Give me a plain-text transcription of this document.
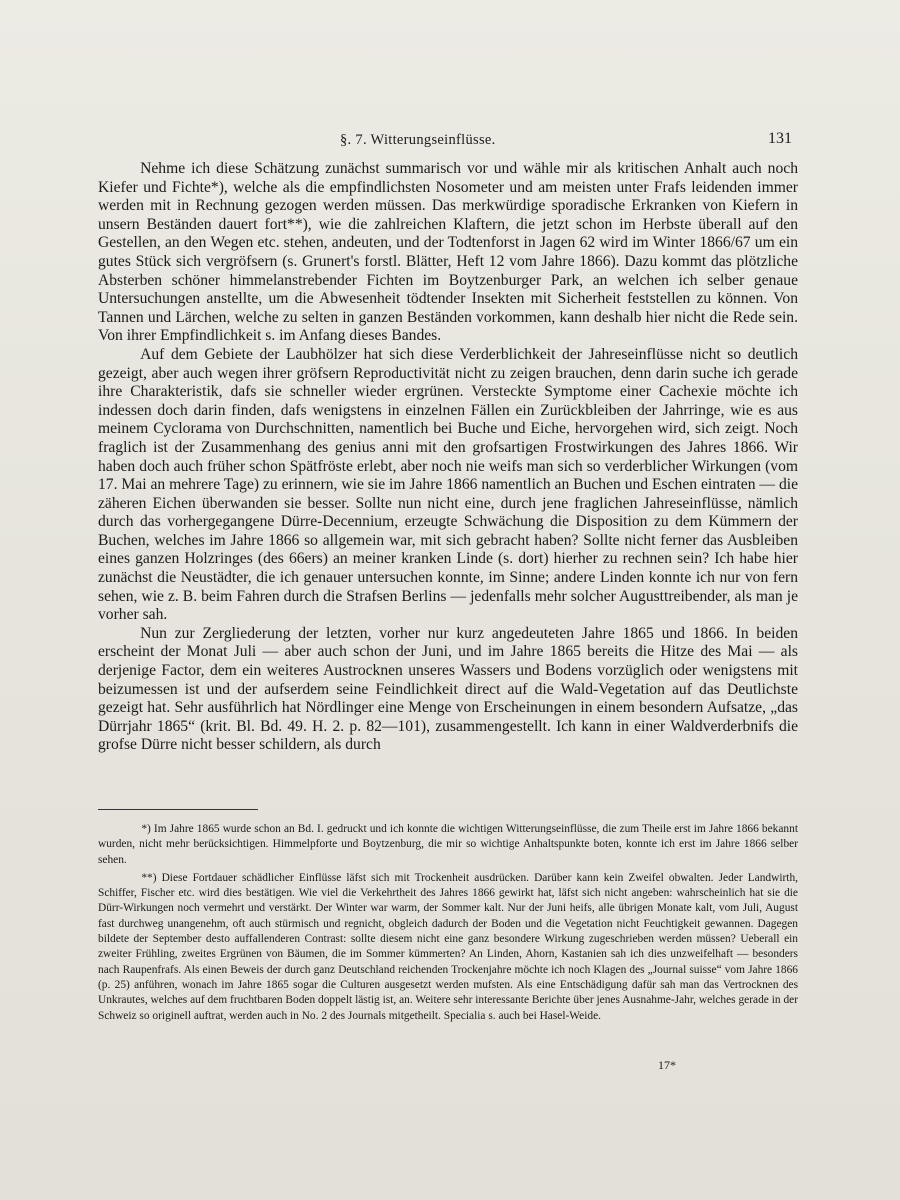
§. 7. Witterungseinflüsse.	131

Nehme ich diese Schätzung zunächst summarisch vor und wähle mir als kritischen Anhalt auch noch Kiefer und Fichte*), welche als die empfindlichsten Nosometer und am meisten unter Frafs leidenden immer werden mit in Rechnung gezogen werden müssen. Das merkwürdige sporadische Erkranken von Kiefern in unsern Beständen dauert fort**), wie die zahlreichen Klaftern, die jetzt schon im Herbste überall auf den Gestellen, an den Wegen etc. stehen, andeuten, und der Todtenforst in Jagen 62 wird im Winter 1866/67 um ein gutes Stück sich vergröfsern (s. Grunert's forstl. Blätter, Heft 12 vom Jahre 1866). Dazu kommt das plötzliche Absterben schöner himmelanstrebender Fichten im Boytzenburger Park, an welchen ich selber genaue Untersuchungen anstellte, um die Abwesenheit tödtender Insekten mit Sicherheit feststellen zu können. Von Tannen und Lärchen, welche zu selten in ganzen Beständen vorkommen, kann deshalb hier nicht die Rede sein. Von ihrer Empfindlichkeit s. im Anfang dieses Bandes.

Auf dem Gebiete der Laubhölzer hat sich diese Verderblichkeit der Jahreseinflüsse nicht so deutlich gezeigt, aber auch wegen ihrer gröfsern Reproductivität nicht zu zeigen brauchen, denn darin suche ich gerade ihre Charakteristik, dafs sie schneller wieder ergrünen. Versteckte Symptome einer Cachexie möchte ich indessen doch darin finden, dafs wenigstens in einzelnen Fällen ein Zurückbleiben der Jahrringe, wie es aus meinem Cyclorama von Durchschnitten, namentlich bei Buche und Eiche, hervorgehen wird, sich zeigt. Noch fraglich ist der Zusammenhang des genius anni mit den grofsartigen Frostwirkungen des Jahres 1866. Wir haben doch auch früher schon Spätfröste erlebt, aber noch nie weifs man sich so verderblicher Wirkungen (vom 17. Mai an mehrere Tage) zu erinnern, wie sie im Jahre 1866 namentlich an Buchen und Eschen eintraten — die zäheren Eichen überwanden sie besser. Sollte nun nicht eine, durch jene fraglichen Jahreseinflüsse, nämlich durch das vorhergegangene Dürre-Decennium, erzeugte Schwächung die Disposition zu dem Kümmern der Buchen, welches im Jahre 1866 so allgemein war, mit sich gebracht haben? Sollte nicht ferner das Ausbleiben eines ganzen Holzringes (des 66ers) an meiner kranken Linde (s. dort) hierher zu rechnen sein? Ich habe hier zunächst die Neustädter, die ich genauer untersuchen konnte, im Sinne; andere Linden konnte ich nur von fern sehen, wie z. B. beim Fahren durch die Strafsen Berlins — jedenfalls mehr solcher Augusttreibender, als man je vorher sah.

Nun zur Zergliederung der letzten, vorher nur kurz angedeuteten Jahre 1865 und 1866. In beiden erscheint der Monat Juli — aber auch schon der Juni, und im Jahre 1865 bereits die Hitze des Mai — als derjenige Factor, dem ein weiteres Austrocknen unseres Wassers und Bodens vorzüglich oder wenigstens mit beizumessen ist und der aufserdem seine Feindlichkeit direct auf die Wald-Vegetation auf das Deutlichste gezeigt hat. Sehr ausführlich hat Nördlinger eine Menge von Erscheinungen in einem besondern Aufsatze, „das Dürrjahr 1865“ (krit. Bl. Bd. 49. H. 2. p. 82—101), zusammengestellt. Ich kann in einer Waldverderbnifs die grofse Dürre nicht besser schildern, als durch

*) Im Jahre 1865 wurde schon an Bd. I. gedruckt und ich konnte die wichtigen Witterungseinflüsse, die zum Theile erst im Jahre 1866 bekannt wurden, nicht mehr berücksichtigen. Himmelpforte und Boytzenburg, die mir so wichtige Anhaltspunkte boten, konnte ich erst im Jahre 1866 selber sehen.

**) Diese Fortdauer schädlicher Einflüsse läfst sich mit Trockenheit ausdrücken. Darüber kann kein Zweifel obwalten. Jeder Landwirth, Schiffer, Fischer etc. wird dies bestätigen. Wie viel die Verkehrtheit des Jahres 1866 gewirkt hat, läfst sich nicht angeben: wahrscheinlich hat sie die Dürr-Wirkungen noch vermehrt und verstärkt. Der Winter war warm, der Sommer kalt. Nur der Juni heifs, alle übrigen Monate kalt, vom Juli, August fast durchweg unangenehm, oft auch stürmisch und regnicht, obgleich dadurch der Boden und die Vegetation nicht Feuchtigkeit gewannen. Dagegen bildete der September desto auffallenderen Contrast: sollte diesem nicht eine ganz besondere Wirkung zugeschrieben werden müssen? Ueberall ein zweiter Frühling, zweites Ergrünen von Bäumen, die im Sommer kümmerten? An Linden, Ahorn, Kastanien sah ich dies unzweifelhaft — besonders nach Raupenfrafs. Als einen Beweis der durch ganz Deutschland reichenden Trockenjahre möchte ich noch Klagen des „Journal suisse“ vom Jahre 1866 (p. 25) anführen, wonach im Jahre 1865 sogar die Culturen ausgesetzt werden mufsten. Als eine Entschädigung dafür sah man das Vertrocknen des Unkrautes, welches auf dem fruchtbaren Boden doppelt lästig ist, an. Weitere sehr interessante Berichte über jenes Ausnahme-Jahr, welches gerade in der Schweiz so originell auftrat, werden auch in No. 2 des Journals mitgetheilt. Specialia s. auch bei Hasel-Weide.

17*
